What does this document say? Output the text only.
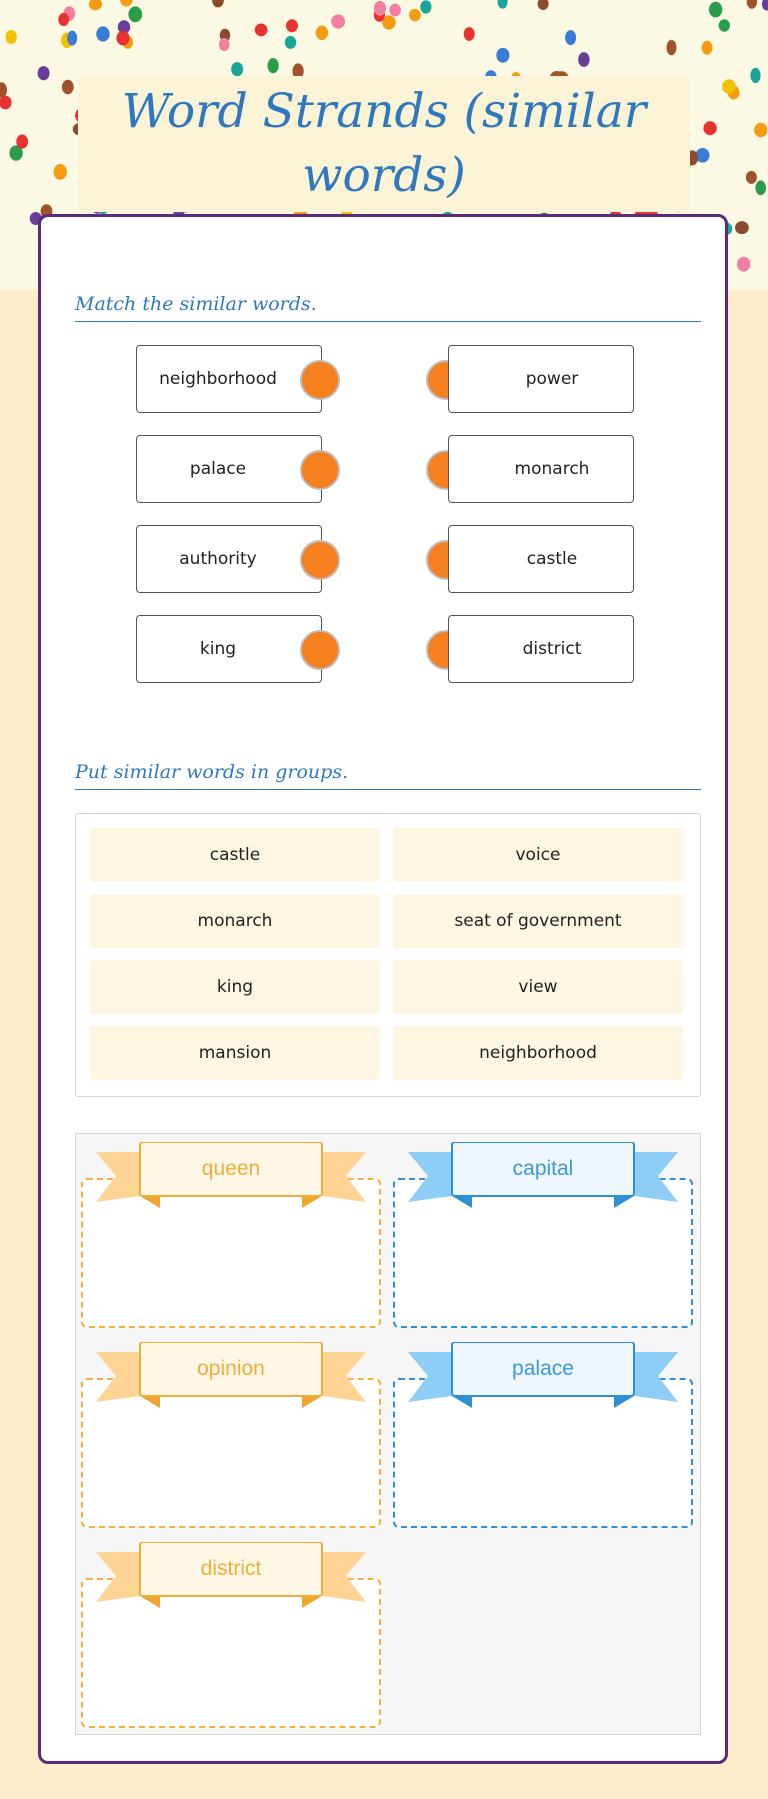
Word Strands (similar words)
Match the similar words.
neighborhood	power
palace	monarch
authority	castle
king	district
Put similar words in groups.
castle	voice
monarch	seat of government
king	view
mansion	neighborhood
queen	capital
opinion	palace
district
